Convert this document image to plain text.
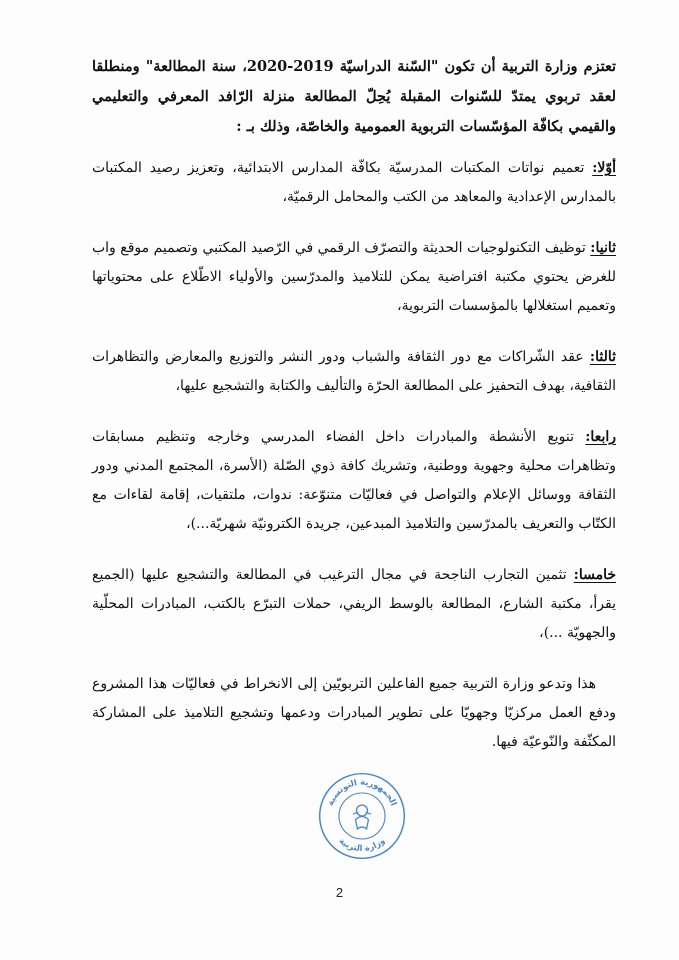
تعتزم وزارة التربية أن تكون "السّنة الدراسيّة 2019-2020، سنة المطالعة" ومنطلقا لعقد تربوي يمتدّ للسّنوات المقبلة يُحِلّ المطالعة منزلة الرّافد المعرفي والتعليمي والقيمي بكافّة المؤسّسات التربوية العمومية والخاصّة، وذلك بـ :

أوّلا: تعميم نواتات المكتبات المدرسيّة بكافّة المدارس الابتدائية، وتعزيز رصيد المكتبات بالمدارس الإعدادية والمعاهد من الكتب والمحامل الرقميّة،

ثانيا: توظيف التكنولوجيات الحديثة والتصرّف الرقمي في الرّصيد المكتبي وتصميم موقع واب للغرض يحتوي مكتبة افتراضية يمكن للتلاميذ والمدرّسين والأولياء الاطّلاع على محتوياتها وتعميم استغلالها بالمؤسسات التربوية،

ثالثا: عقد الشّراكات مع دور الثقافة والشباب ودور النشر والتوزيع والمعارض والتظاهرات الثقافية، بهدف التحفيز على المطالعة الحرّة والتأليف والكتابة والتشجيع عليها،

رابعا: تنويع الأنشطة والمبادرات داخل الفضاء المدرسي وخارجه وتنظيم مسابقات وتظاهرات محلية وجهوية ووطنية، وتشريك كافة ذوي الصّلة (الأسرة، المجتمع المدني ودور الثقافة ووسائل الإعلام والتواصل في فعاليّات متنوّعة: ندوات، ملتقيات، إقامة لقاءات مع الكتّاب والتعريف بالمدرّسين والتلاميذ المبدعين، جريدة الكترونيّة شهريّة...)،

خامسا: تثمين التجارب الناجحة في مجال الترغيب في المطالعة والتشجيع عليها (الجميع يقرأ، مكتبة الشارع، المطالعة بالوسط الريفي، حملات التبرّع بالكتب، المبادرات المحلّية والجهويّة ...)،

هذا وتدعو وزارة التربية جميع الفاعلين التربويّين إلى الانخراط في فعاليّات هذا المشروع ودفع العمل مركزيّا وجهويّا على تطوير المبادرات ودعمها وتشجيع التلاميذ على المشاركة المكثّفة والنّوعيّة فيها.

الجمهورية التونسية
وزارة التربية
2
